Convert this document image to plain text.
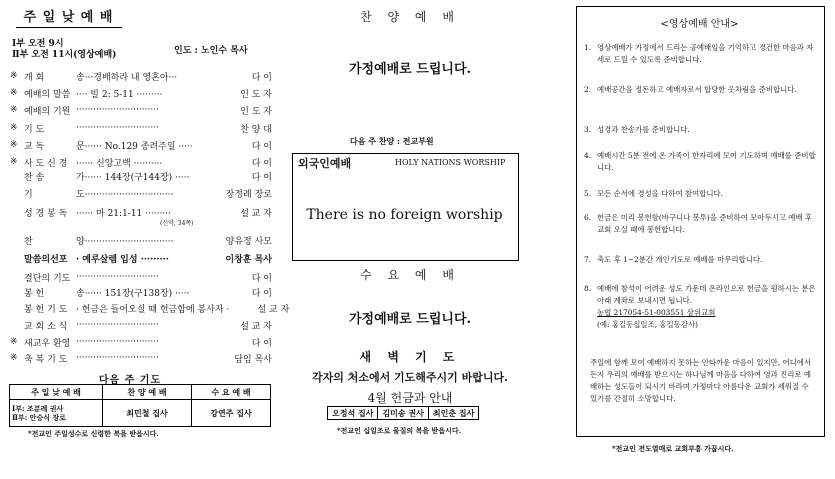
주 일 낮 예 배
Ⅰ부 오전 9시
Ⅱ부 오전 11시(영상예배)	인도 : 노인수 목사
※ 개 회	송···경배하라 내 영혼아···	다 이
※ 예배의 말씀 ···· 빌 2: 5-11 ·········	인 도 자
※ 예배의 기원 ·····························	인 도 자
※ 기 도	·····························	찬 양 대
※ 교 독	문······ No.129 종려주일 ·····	다 이
※ 사 도 신 경 ······ 신앙고백 ··········	다 이
찬 송	가······ 144장(구144장) ·····	다 이
기	도·······························	장정례 장로
성 경 봉 독 ······ 마 21:1-11 ·········	설 교 자
(신약, 34쪽)
찬	양·······························	양유정 사모
말씀의선포 · 예루살렘 입성 ·········	이창훈 목사
결단의 기도 ·····························	다 이
봉 헌	송······ 151장(구138장) ·····	다 이
봉 헌 기 도 · 헌금은 들어오실 때 헌금함에 봉사자 ·	설 교 자
교 회 소 식 ·····························	설 교 자
※ 새교우 환영 ·····························	다 이
※ 축 복 기 도 ·····························	담임 목사
다음 주 기도
주 일 낮 예 배	찬 양 예 배	수 요 예 배

Ⅰ부: 조분례 권사
Ⅱ부: 안승식 장로	최민철 집사	강연주 집사
*전교인 주일성수로 신령한 복을 받읍시다.
찬 양 예 배
가정예배로 드립니다.
다음 주 찬양 : 전교부원
외국인예배	HOLY NATIONS WORSHIP
There is no foreign worship
수 요 예 배
가정예배로 드립니다.
새 벽 기 도
각자의 처소에서 기도해주시기 바랍니다.
4월 헌금과 안내
오정석 집사	김미송 권사	최인춘 집사
*전교인 십일조로 물질의 복을 받읍시다.
<영상예배 안내>
1. 영상예배가 가정에서 드리는 공예배임을 기억하고 경건한 마음과 자세로 드릴 수 있도록 준비합니다.
2. 예배공간을 정돈하고 예배자로서 합당한 옷차림을 준비합니다.
3. 성경과 찬송가를 준비합니다.
4. 예배시간 5분 전에 온 가족이 한자리에 모여 기도하며 예배를 준비합니다.
5. 모든 순서에 경성을 다하여 참여합니다.
6. 헌금은 미리 봉헌함(바구니나 봉투)을 준비하여 모아두시고 예배 후 교회 오실 때에 봉헌합니다.
7. 축도 후 1~2분간 개인기도로 예배를 마무리합니다.
8. 예배에 참석이 어려운 성도 가운데 온라인으로 헌금을 원하시는 분은 아래 계좌로 보내시면 됩니다.
농협 217054-51-003551 삼위교회
(예: 홍길동십일조, 홍길동감사)
주일에 함께 모여 예배하지 못하는 안타까운 마음이 있지만, 어디에서든지 우리의 예배를 받으시는 하나님께 마음을 다하여 영과 진리로 예배하는 성도들이 되시기 바라며 가정마다 아름다운 교회가 세워질 수 있기를 간절히 소망합니다.
*전교인 전도열매로 교회부흥 가꿉시다.
